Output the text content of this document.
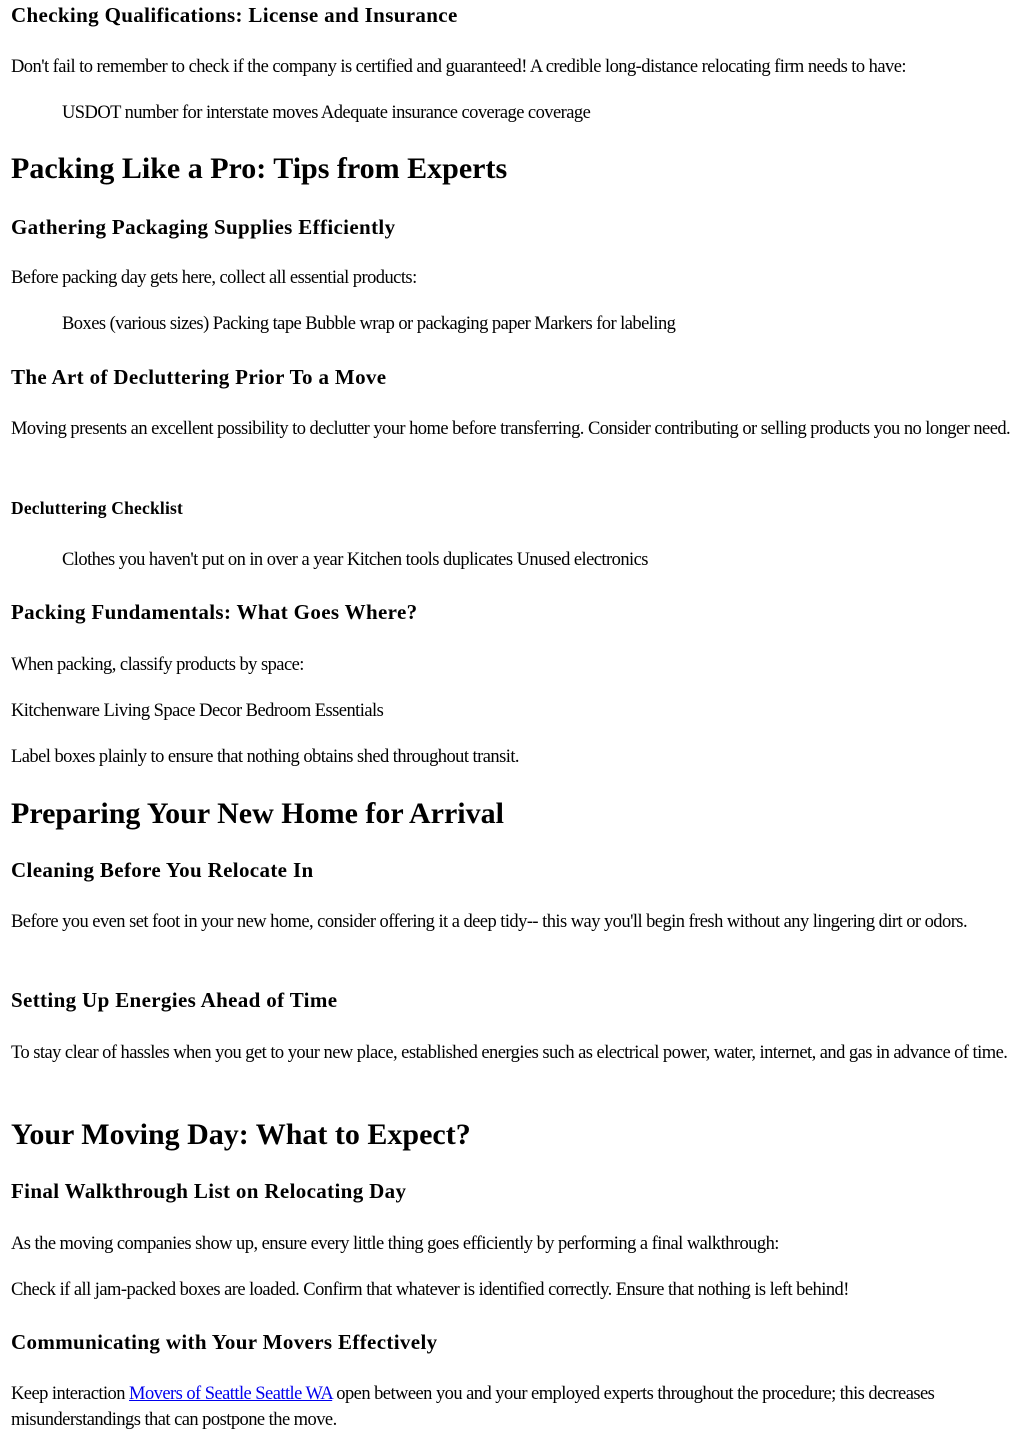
Checking Qualifications: License and Insurance

Don't fail to remember to check if the company is certified and guaranteed! A credible long-distance relocating firm needs to have:

USDOT number for interstate moves Adequate insurance coverage coverage

Packing Like a Pro: Tips from Experts
Gathering Packaging Supplies Efficiently

Before packing day gets here, collect all essential products:

Boxes (various sizes) Packing tape Bubble wrap or packaging paper Markers for labeling

The Art of Decluttering Prior To a Move

Moving presents an excellent possibility to declutter your home before transferring. Consider contributing or selling products you no longer need.

Decluttering Checklist

Clothes you haven't put on in over a year Kitchen tools duplicates Unused electronics

Packing Fundamentals: What Goes Where?

When packing, classify products by space:

Kitchenware Living Space Decor Bedroom Essentials

Label boxes plainly to ensure that nothing obtains shed throughout transit.

Preparing Your New Home for Arrival
Cleaning Before You Relocate In

Before you even set foot in your new home, consider offering it a deep tidy-- this way you'll begin fresh without any lingering dirt or odors.

Setting Up Energies Ahead of Time

To stay clear of hassles when you get to your new place, established energies such as electrical power, water, internet, and gas in advance of time.

Your Moving Day: What to Expect?
Final Walkthrough List on Relocating Day

As the moving companies show up, ensure every little thing goes efficiently by performing a final walkthrough:

Check if all jam-packed boxes are loaded. Confirm that whatever is identified correctly. Ensure that nothing is left behind!

Communicating with Your Movers Effectively

Keep interaction Movers of Seattle Seattle WA open between you and your employed experts throughout the procedure; this decreases misunderstandings that can postpone the move.
